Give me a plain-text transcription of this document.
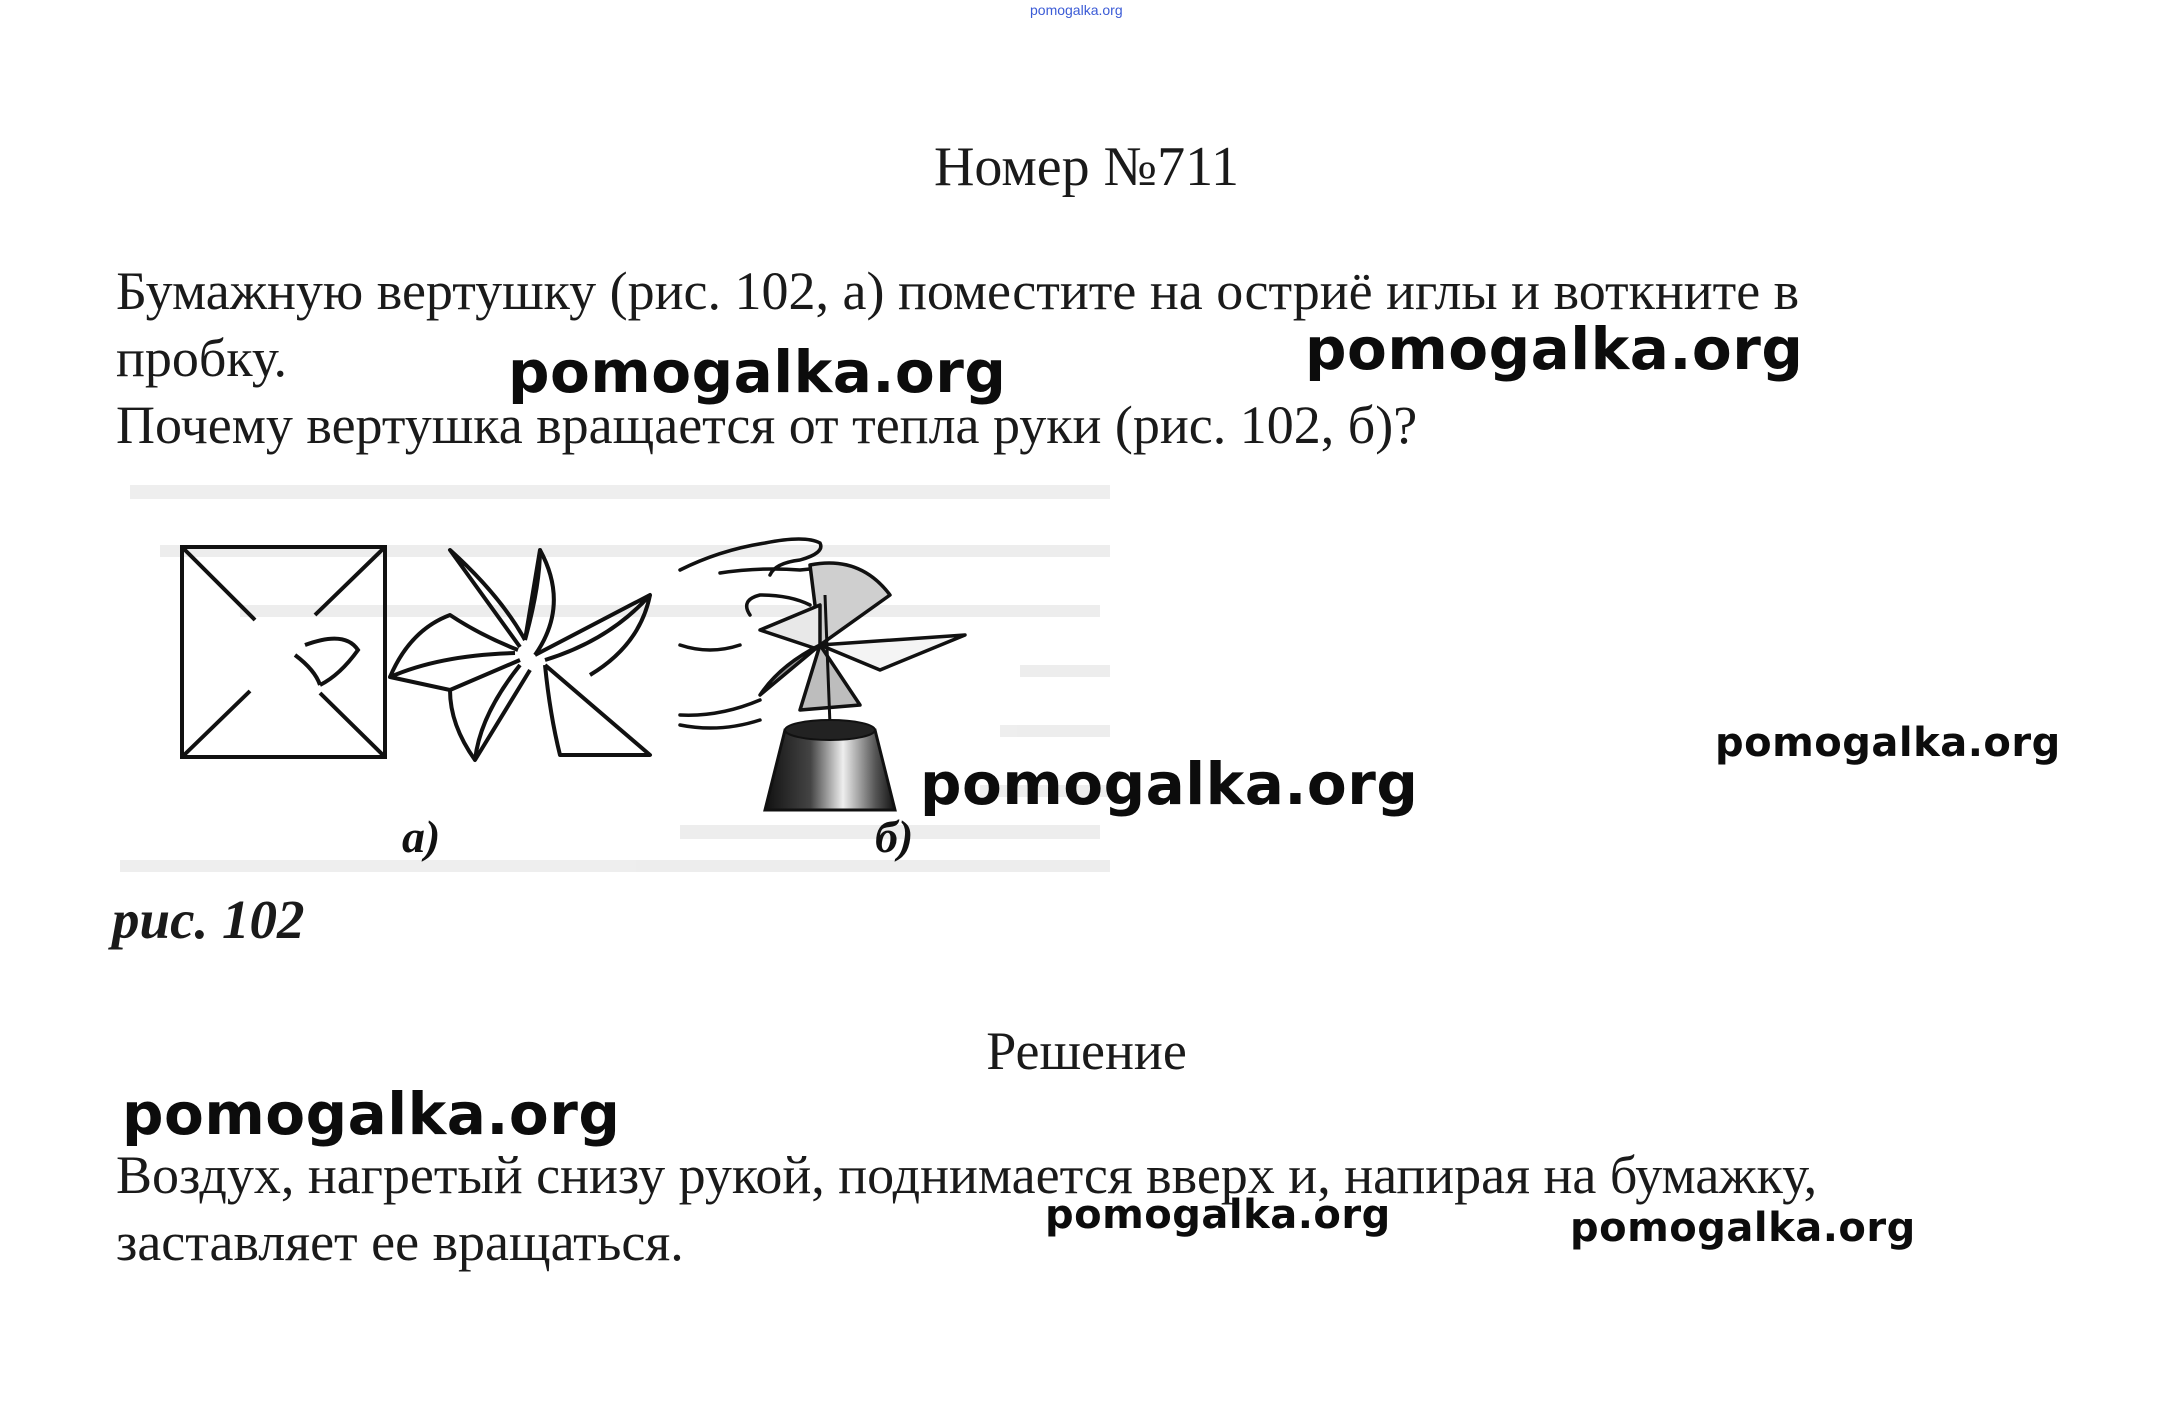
pomogalka.org
Номер №711
Бумажную вертушку (рис. 102, а) поместите на остриё иглы и воткните в
пробку.
Почему вертушка вращается от тепла руки (рис. 102, б)?
а)	б)
рис. 102
Решение
Воздух, нагретый снизу рукой, поднимается вверх и, напирая на бумажку,
заставляет ее вращаться.
pomogalka.org	pomogalka.org
pomogalka.org
pomogalka.org
pomogalka.org
pomogalka.org	pomogalka.org
